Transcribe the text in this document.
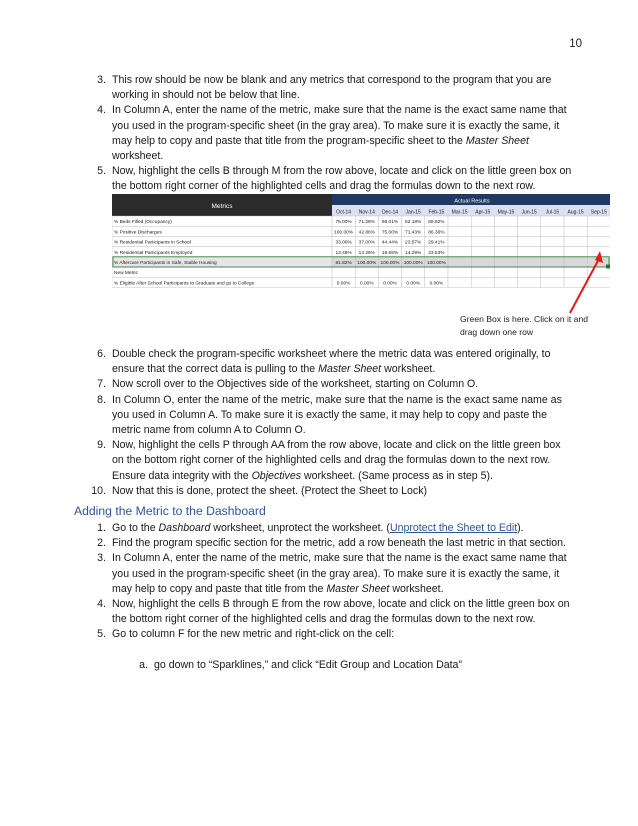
10
3. This row should be now be blank and any metrics that correspond to the program that you are working in should not be below that line.
4. In Column A, enter the name of the metric, make sure that the name is the exact same name that you used in the program-specific sheet (in the gray area). To make sure it is exactly the same, it may help to copy and paste that title from the program-specific sheet to the Master Sheet worksheet.
5. Now, highlight the cells B through M from the row above, locate and click on the little green box on the bottom right corner of the highlighted cells and drag the formulas down to the next row.
Metrics
Actual Results
Oct-14 Nov-14 Dec-14 Jan-15 Feb-15 Mar-15 Apr-15 May-15 Jun-15 Jul-15 Aug-15 Sep-15
% Beds Filled (Occupancy)	75.00% 71.28% 68.01% 62.18% 65.92%
% Positive Discharges	100.00% 42.86% 75.00% 71.43% 86.36%
% Residential Participants in School	33.00% 37.00% 44.44% 23.57% 29.41%
% Residential Participants Employed	13.48% 13.25% 18.65% 14.29% 23.53%
% Aftercare Participants in Safe, Stable Housing	81.82% 100.00% 100.00% 100.00% 100.00%
New Metric
% Eligible After School Participants to Graduate and go to College	0.00% 0.00% 0.00% 0.00% 0.00%
Green Box is here. Click on it and drag down one row
6. Double check the program-specific worksheet where the metric data was entered originally, to ensure that the correct data is pulling to the Master Sheet worksheet.
7. Now scroll over to the Objectives side of the worksheet, starting on Column O.
8. In Column O, enter the name of the metric, make sure that the name is the exact same name as you used in Column A. To make sure it is exactly the same, it may help to copy and paste the metric name from column A to Column O.
9. Now, highlight the cells P through AA from the row above, locate and click on the little green box on the bottom right corner of the highlighted cells and drag the formulas down to the next row. Ensure data integrity with the Objectives worksheet. (Same process as in step 5).
10. Now that this is done, protect the sheet. (Protect the Sheet to Lock)
Adding the Metric to the Dashboard
1. Go to the Dashboard worksheet, unprotect the worksheet. (Unprotect the Sheet to Edit).
2. Find the program specific section for the metric, add a row beneath the last metric in that section.
3. In Column A, enter the name of the metric, make sure that the name is the exact same name that you used in the program-specific sheet (in the gray area). To make sure it is exactly the same, it may help to copy and paste that title from the Master Sheet worksheet.
4. Now, highlight the cells B through E from the row above, locate and click on the little green box on the bottom right corner of the highlighted cells and drag the formulas down to the next row.
5. Go to column F for the new metric and right-click on the cell:
a. go down to “Sparklines,” and click “Edit Group and Location Data”
